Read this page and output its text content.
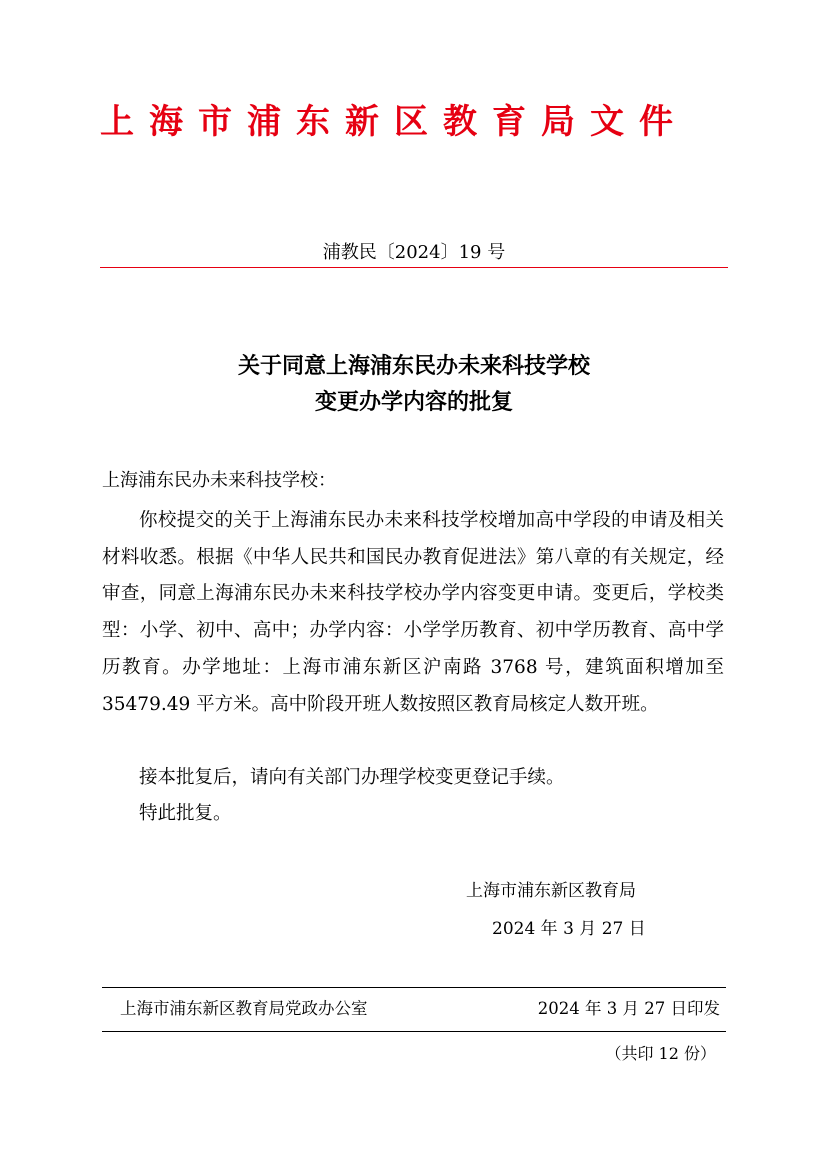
上海市浦东新区教育局文件
浦教民〔2024〕19 号
关于同意上海浦东民办未来科技学校
变更办学内容的批复
上海浦东民办未来科技学校：

你校提交的关于上海浦东民办未来科技学校增加高中学段的申请及相关材料收悉。根据《中华人民共和国民办教育促进法》第八章的有关规定，经审查，同意上海浦东民办未来科技学校办学内容变更申请。变更后，学校类型：小学、初中、高中；办学内容：小学学历教育、初中学历教育、高中学历教育。办学地址：上海市浦东新区沪南路 3768 号，建筑面积增加至 35479.49 平方米。高中阶段开班人数按照区教育局核定人数开班。

接本批复后，请向有关部门办理学校变更登记手续。

特此批复。

上海市浦东新区教育局
2024 年 3 月 27 日
上海市浦东新区教育局党政办公室	2024 年 3 月 27 日印发
（共印 12 份）
